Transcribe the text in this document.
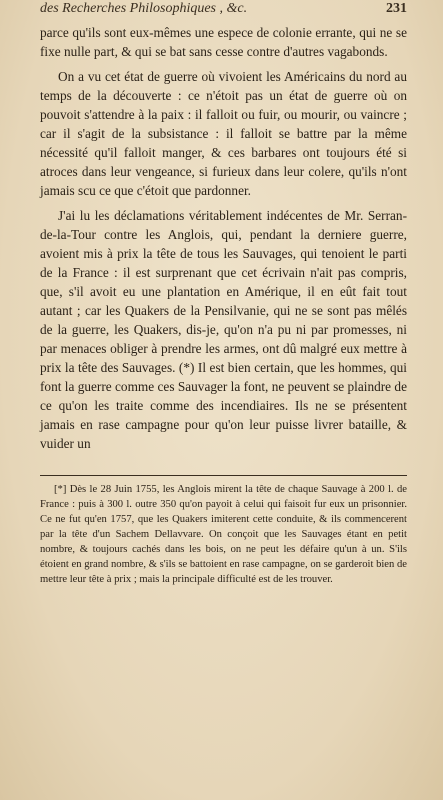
des Recherches Philosophiques , &c.	231

parce qu'ils sont eux-mêmes une espece de colonie errante, qui ne se fixe nulle part, & qui se bat sans cesse contre d'autres vagabonds.

On a vu cet état de guerre où vivoient les Américains du nord au temps de la découverte : ce n'étoit pas un état de guerre où on pouvoit s'attendre à la paix : il falloit ou fuir, ou mourir, ou vaincre ; car il s'agit de la subsistance : il falloit se battre par la même nécessité qu'il falloit manger, & ces barbares ont toujours été si atroces dans leur vengeance, si furieux dans leur colere, qu'ils n'ont jamais scu ce que c'étoit que pardonner.

J'ai lu les déclamations véritablement indécentes de Mr. Serran-de-la-Tour contre les Anglois, qui, pendant la derniere guerre, avoient mis à prix la tête de tous les Sauvages, qui tenoient le parti de la France : il est surprenant que cet écrivain n'ait pas compris, que, s'il avoit eu une plantation en Amérique, il en eût fait tout autant ; car les Quakers de la Pensilvanie, qui ne se sont pas mêlés de la guerre, les Quakers, dis-je, qu'on n'a pu ni par promesses, ni par menaces obliger à prendre les armes, ont dû malgré eux mettre à prix la tête des Sauvages. (*) Il est bien certain, que les hommes, qui font la guerre comme ces Sauvager la font, ne peuvent se plaindre de ce qu'on les traite comme des incendiaires. Ils ne se présentent jamais en rase campagne pour qu'on leur puisse livrer bataille, & vuider un

[*] Dès le 28 Juin 1755, les Anglois mirent la tête de chaque Sauvage à 200 l. de France : puis à 300 l. outre 350 qu'on payoit à celui qui faisoit fur eux un prisonnier. Ce ne fut qu'en 1757, que les Quakers imiterent cette conduite, & ils commencerent par la tête d'un Sachem Dellavvare. On conçoit que les Sauvages étant en petit nombre, & toujours cachés dans les bois, on ne peut les défaire qu'un à un. S'ils étoient en grand nombre, & s'ils se battoient en rase campagne, on se garderoit bien de mettre leur tête à prix ; mais la principale difficulté est de les trouver.
